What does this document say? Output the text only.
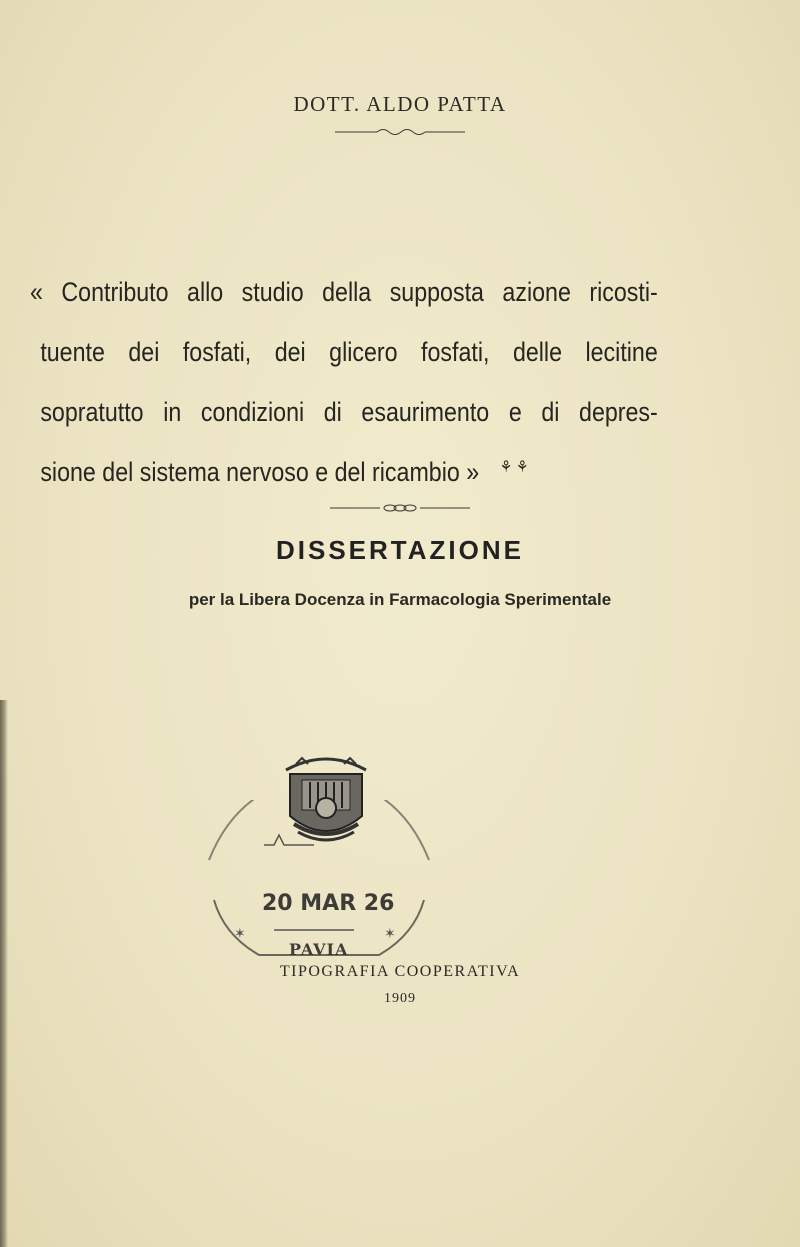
DOTT. ALDO PATTA
« Contributo allo studio della supposta azione ricosti-
tuente dei fosfati, dei glicero fosfati, delle lecitine
sopratutto in condizioni di esaurimento e di depres-
sione del sistema nervoso e del ricambio » ⚘ ⚘
DISSERTAZIONE
per la Libera Docenza in Farmacologia Sperimentale
20 MAR 26
PAVIA
✶	✶
TIPOGRAFIA COOPERATIVA
1909
